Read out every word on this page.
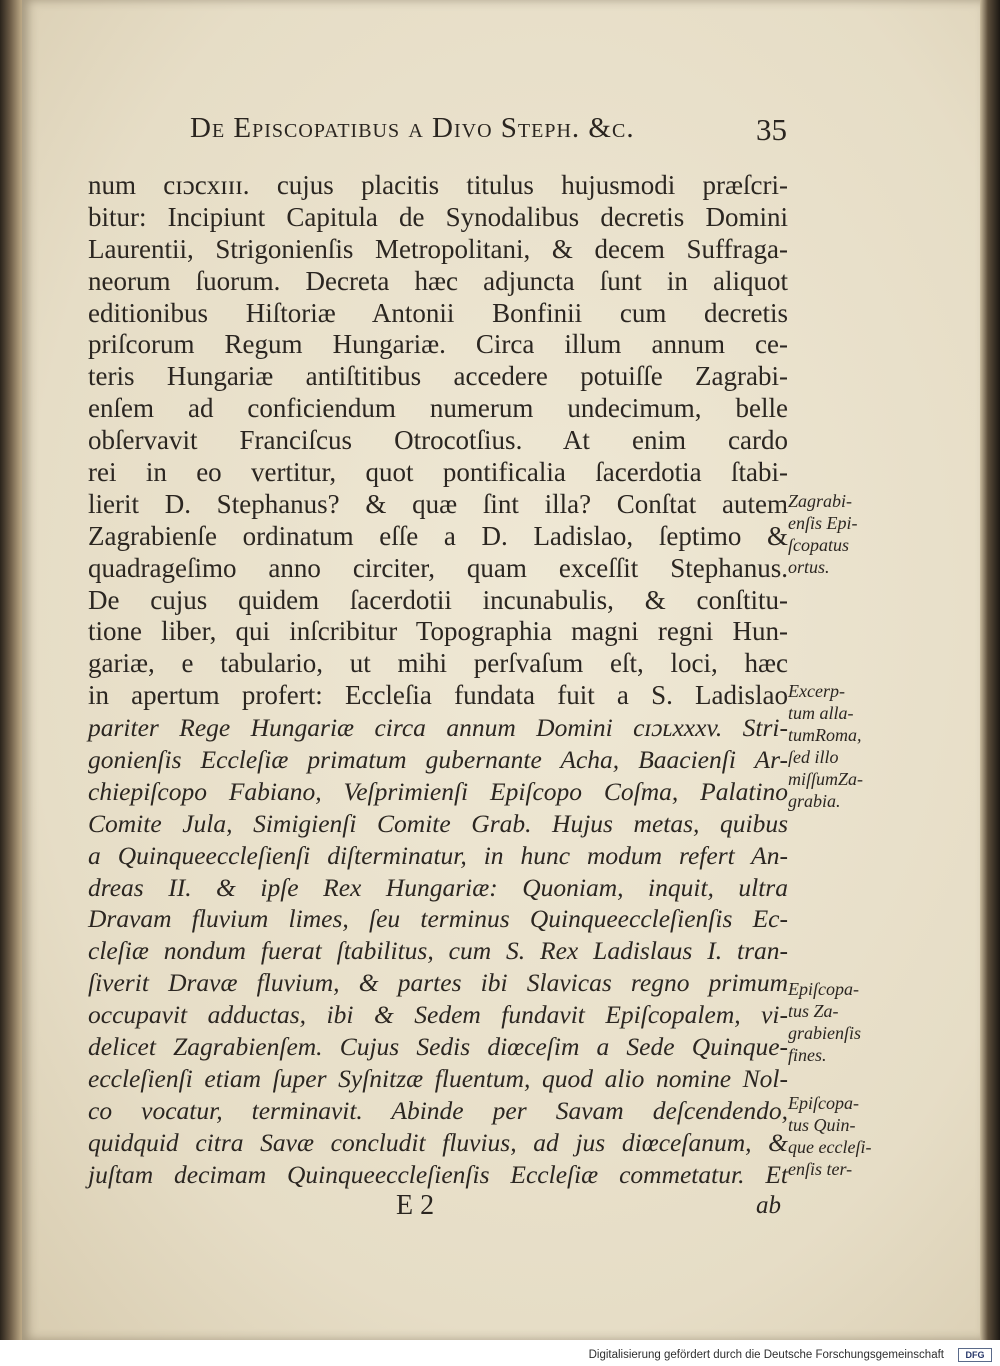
De Episcopatibus a Divo Steph. &c.	35
num cɪɔcxɪɪɪ. cujus placitis titulus hujusmodi præſcri-
bitur: Incipiunt Capitula de Synodalibus decretis Domini
Laurentii, Strigonienſis Metropolitani, & decem Suffraga-
neorum ſuorum. Decreta hæc adjuncta ſunt in aliquot
editionibus Hiſtoriæ Antonii Bonfinii cum decretis
priſcorum Regum Hungariæ. Circa illum annum ce-
teris Hungariæ antiſtitibus accedere potuiſſe Zagrabi-
enſem ad conficiendum numerum undecimum, belle
obſervavit Franciſcus Otrocotſius. At enim cardo
rei in eo vertitur, quot pontificalia ſacerdotia ſtabi-
lierit D. Stephanus? & quæ ſint illa? Conſtat autem
Zagrabienſe ordinatum eſſe a D. Ladislao, ſeptimo &
quadrageſimo anno circiter, quam exceſſit Stephanus.
De cujus quidem ſacerdotii incunabulis, & conſtitu-
tione liber, qui inſcribitur Topographia magni regni Hun-
gariæ, e tabulario, ut mihi perſvaſum eſt, loci, hæc
in apertum profert: Eccleſia fundata fuit a S. Ladislao
pariter Rege Hungariæ circa annum Domini cɪɔʟxxxv. Stri-
gonienſis Eccleſiæ primatum gubernante Acha, Baacienſi Ar-
chiepiſcopo Fabiano, Veſprimienſi Epiſcopo Coſma, Palatino
Comite Jula, Simigienſi Comite Grab. Hujus metas, quibus
a Quinqueeccleſienſi diſterminatur, in hunc modum refert An-
dreas II. & ipſe Rex Hungariæ: Quoniam, inquit, ultra
Dravam fluvium limes, ſeu terminus Quinqueeccleſienſis Ec-
cleſiæ nondum fuerat ſtabilitus, cum S. Rex Ladislaus I. tran-
ſiverit Dravæ fluvium, & partes ibi Slavicas regno primum
occupavit adductas, ibi & Sedem fundavit Epiſcopalem, vi-
delicet Zagrabienſem. Cujus Sedis diœceſim a Sede Quinque-
eccleſienſi etiam ſuper Syſnitzæ fluentum, quod alio nomine Nol-
co vocatur, terminavit. Abinde per Savam deſcendendo,
quidquid citra Savæ concludit fluvius, ad jus diœceſanum, &
juſtam decimam Quinqueeccleſienſis Eccleſiæ commetatur. Et
Zagrabi-
enſis Epi-
ſcopatus
ortus.
Excerp-
tum alla-
tumRoma,
ſed illo
miſſumZa-
grabia.
Epiſcopa-
tus Za-
grabienſis
fines.
Epiſcopa-
tus Quin-
que eccleſi-
enſis ter-
E 2	ab
Digitalisierung gefördert durch die Deutsche Forschungsgemeinschaft	DFG
